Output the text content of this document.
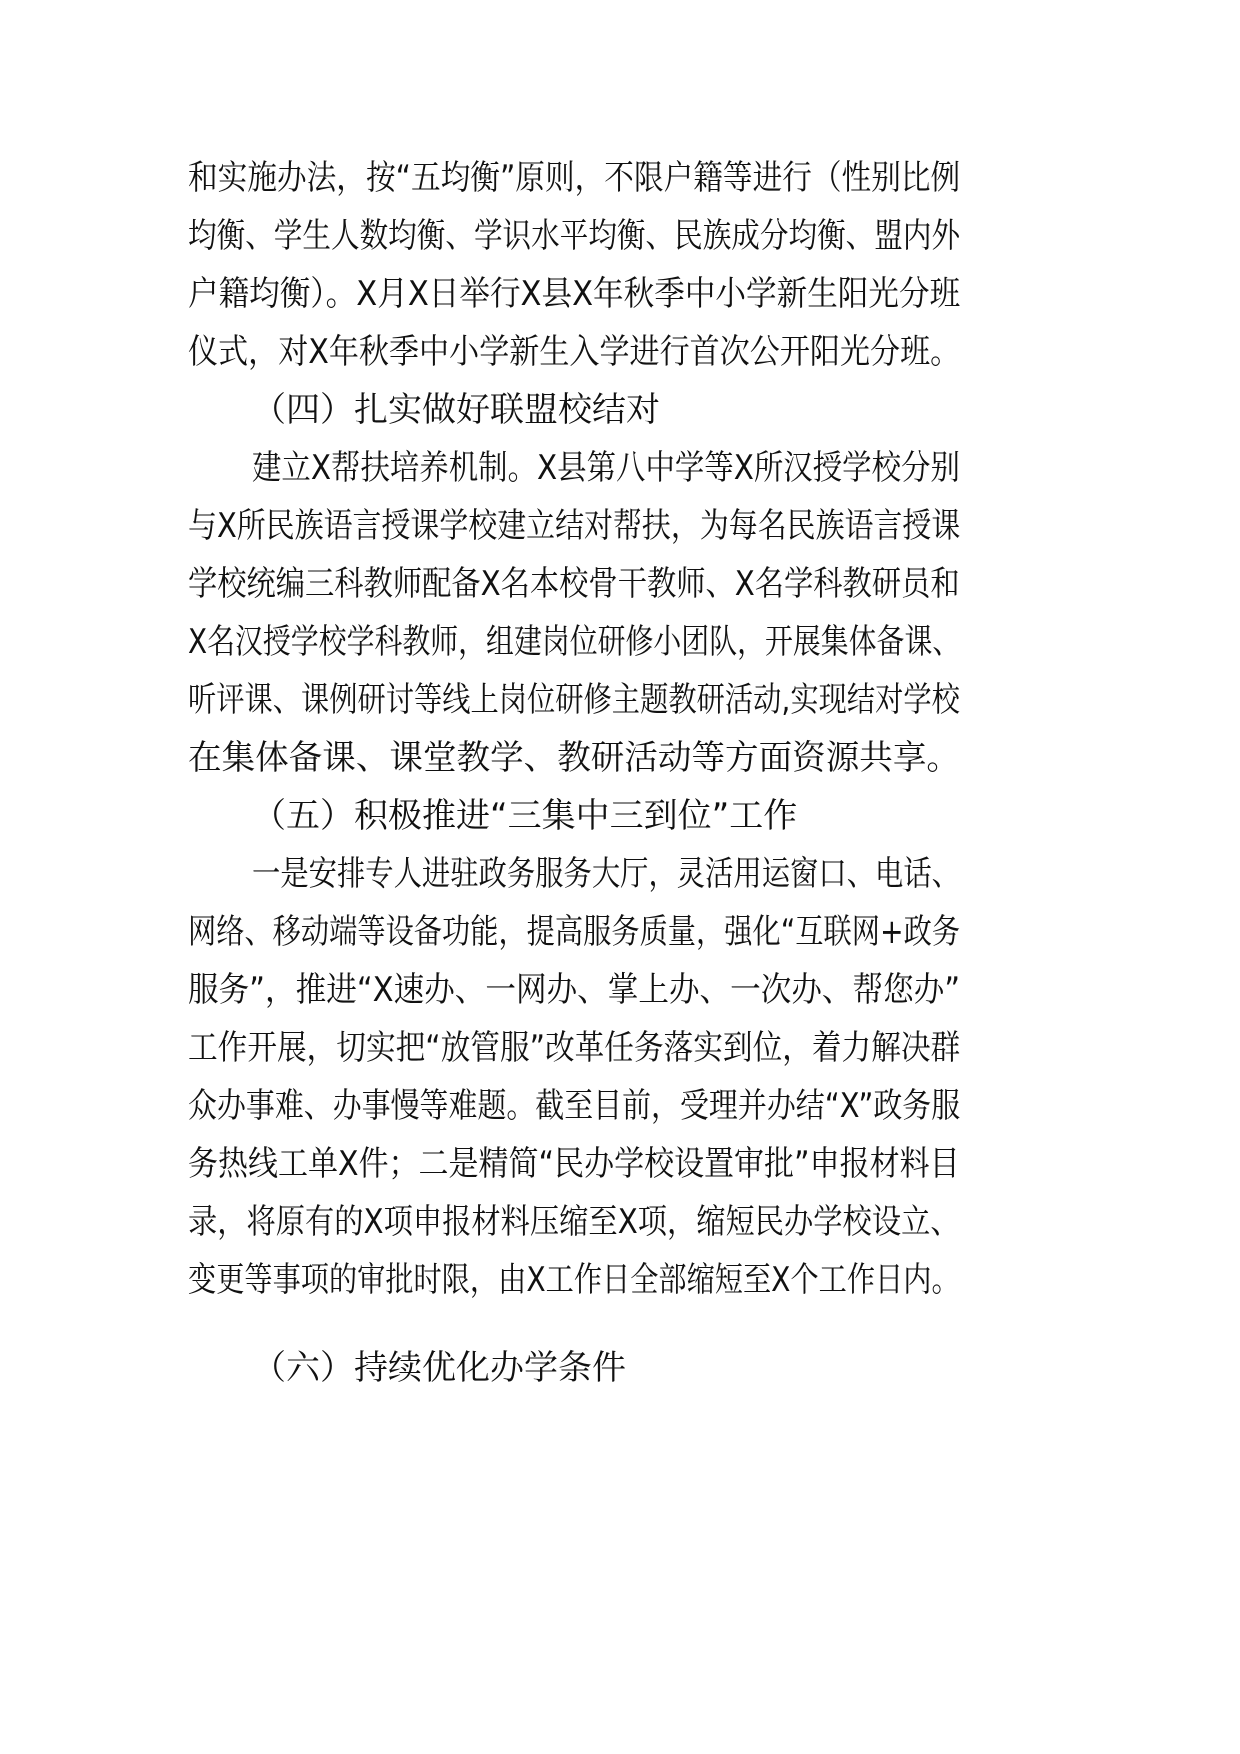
和实施办法，按“五均衡”原则，不限户籍等进行（性别比例
均衡、学生人数均衡、学识水平均衡、民族成分均衡、盟内外
户籍均衡）。X月X日举行X县X年秋季中小学新生阳光分班
仪式，对X年秋季中小学新生入学进行首次公开阳光分班。
（四）扎实做好联盟校结对
建立X帮扶培养机制。X县第八中学等X所汉授学校分别
与X所民族语言授课学校建立结对帮扶，为每名民族语言授课
学校统编三科教师配备X名本校骨干教师、X名学科教研员和
X名汉授学校学科教师，组建岗位研修小团队，开展集体备课、
听评课、课例研讨等线上岗位研修主题教研活动,实现结对学校
在集体备课、课堂教学、教研活动等方面资源共享。
（五）积极推进“三集中三到位”工作
一是安排专人进驻政务服务大厅，灵活用运窗口、电话、
网络、移动端等设备功能，提高服务质量，强化“互联网+政务
服务”，推进“X速办、一网办、掌上办、一次办、帮您办”
工作开展，切实把“放管服”改革任务落实到位，着力解决群
众办事难、办事慢等难题。截至目前，受理并办结“X”政务服
务热线工单X件；二是精简“民办学校设置审批”申报材料目
录，将原有的X项申报材料压缩至X项，缩短民办学校设立、
变更等事项的审批时限，由X工作日全部缩短至X个工作日内。
（六）持续优化办学条件
